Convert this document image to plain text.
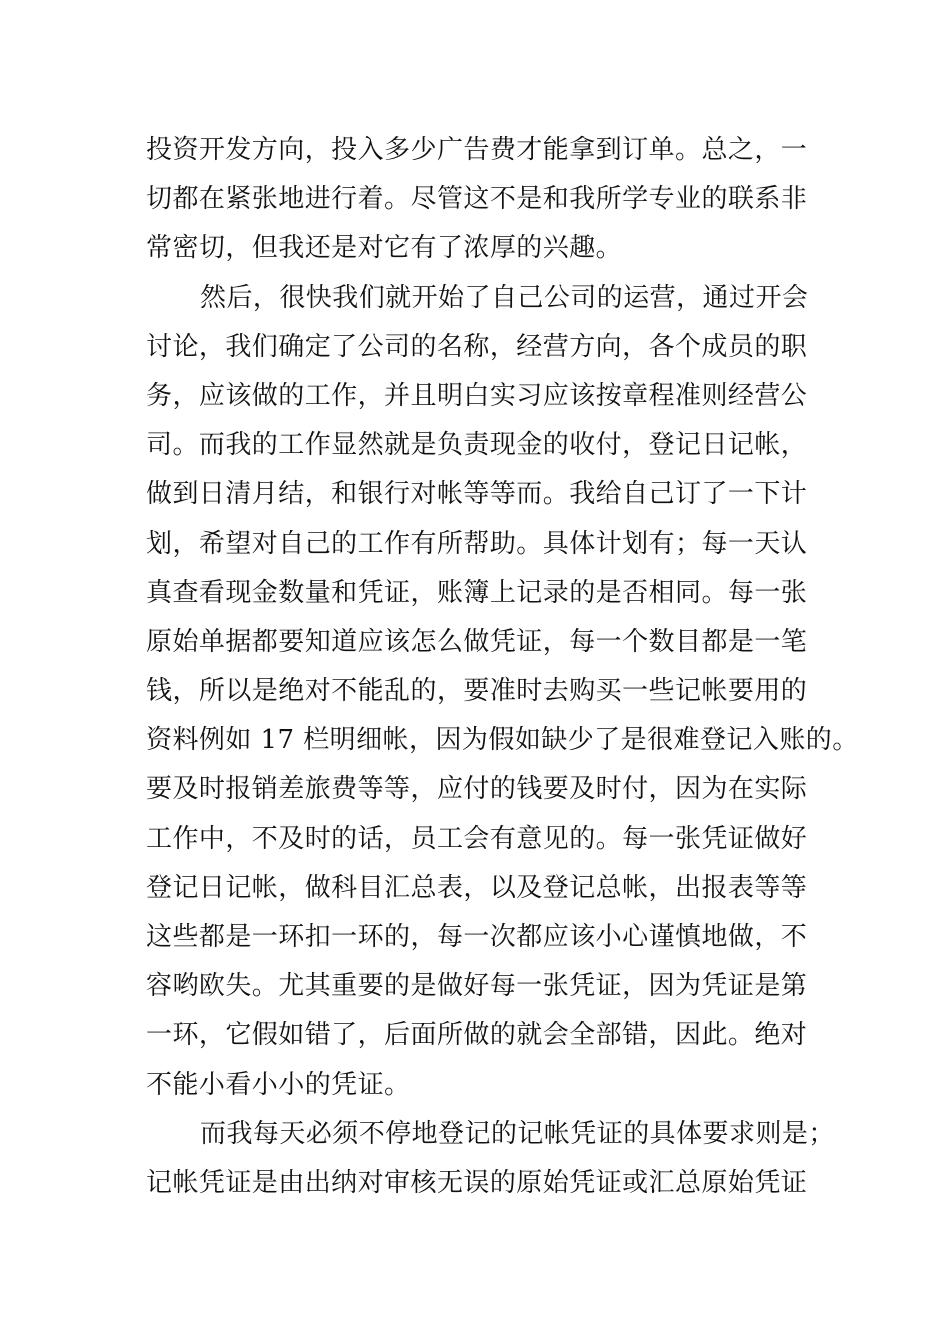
投资开发方向，投入多少广告费才能拿到订单。总之，一
切都在紧张地进行着。尽管这不是和我所学专业的联系非
常密切，但我还是对它有了浓厚的兴趣。
然后，很快我们就开始了自己公司的运营，通过开会
讨论，我们确定了公司的名称，经营方向，各个成员的职
务，应该做的工作，并且明白实习应该按章程准则经营公
司。而我的工作显然就是负责现金的收付，登记日记帐，
做到日清月结，和银行对帐等等而。我给自己订了一下计
划，希望对自己的工作有所帮助。具体计划有；每一天认
真查看现金数量和凭证，账簿上记录的是否相同。每一张
原始单据都要知道应该怎么做凭证，每一个数目都是一笔
钱，所以是绝对不能乱的，要准时去购买一些记帐要用的
资料例如 17 栏明细帐，因为假如缺少了是很难登记入账的。
要及时报销差旅费等等，应付的钱要及时付，因为在实际
工作中，不及时的话，员工会有意见的。每一张凭证做好
登记日记帐，做科目汇总表，以及登记总帐，出报表等等
这些都是一环扣一环的，每一次都应该小心谨慎地做，不
容哟欧失。尤其重要的是做好每一张凭证，因为凭证是第
一环，它假如错了，后面所做的就会全部错，因此。绝对
不能小看小小的凭证。
而我每天必须不停地登记的记帐凭证的具体要求则是；
记帐凭证是由出纳对审核无误的原始凭证或汇总原始凭证
